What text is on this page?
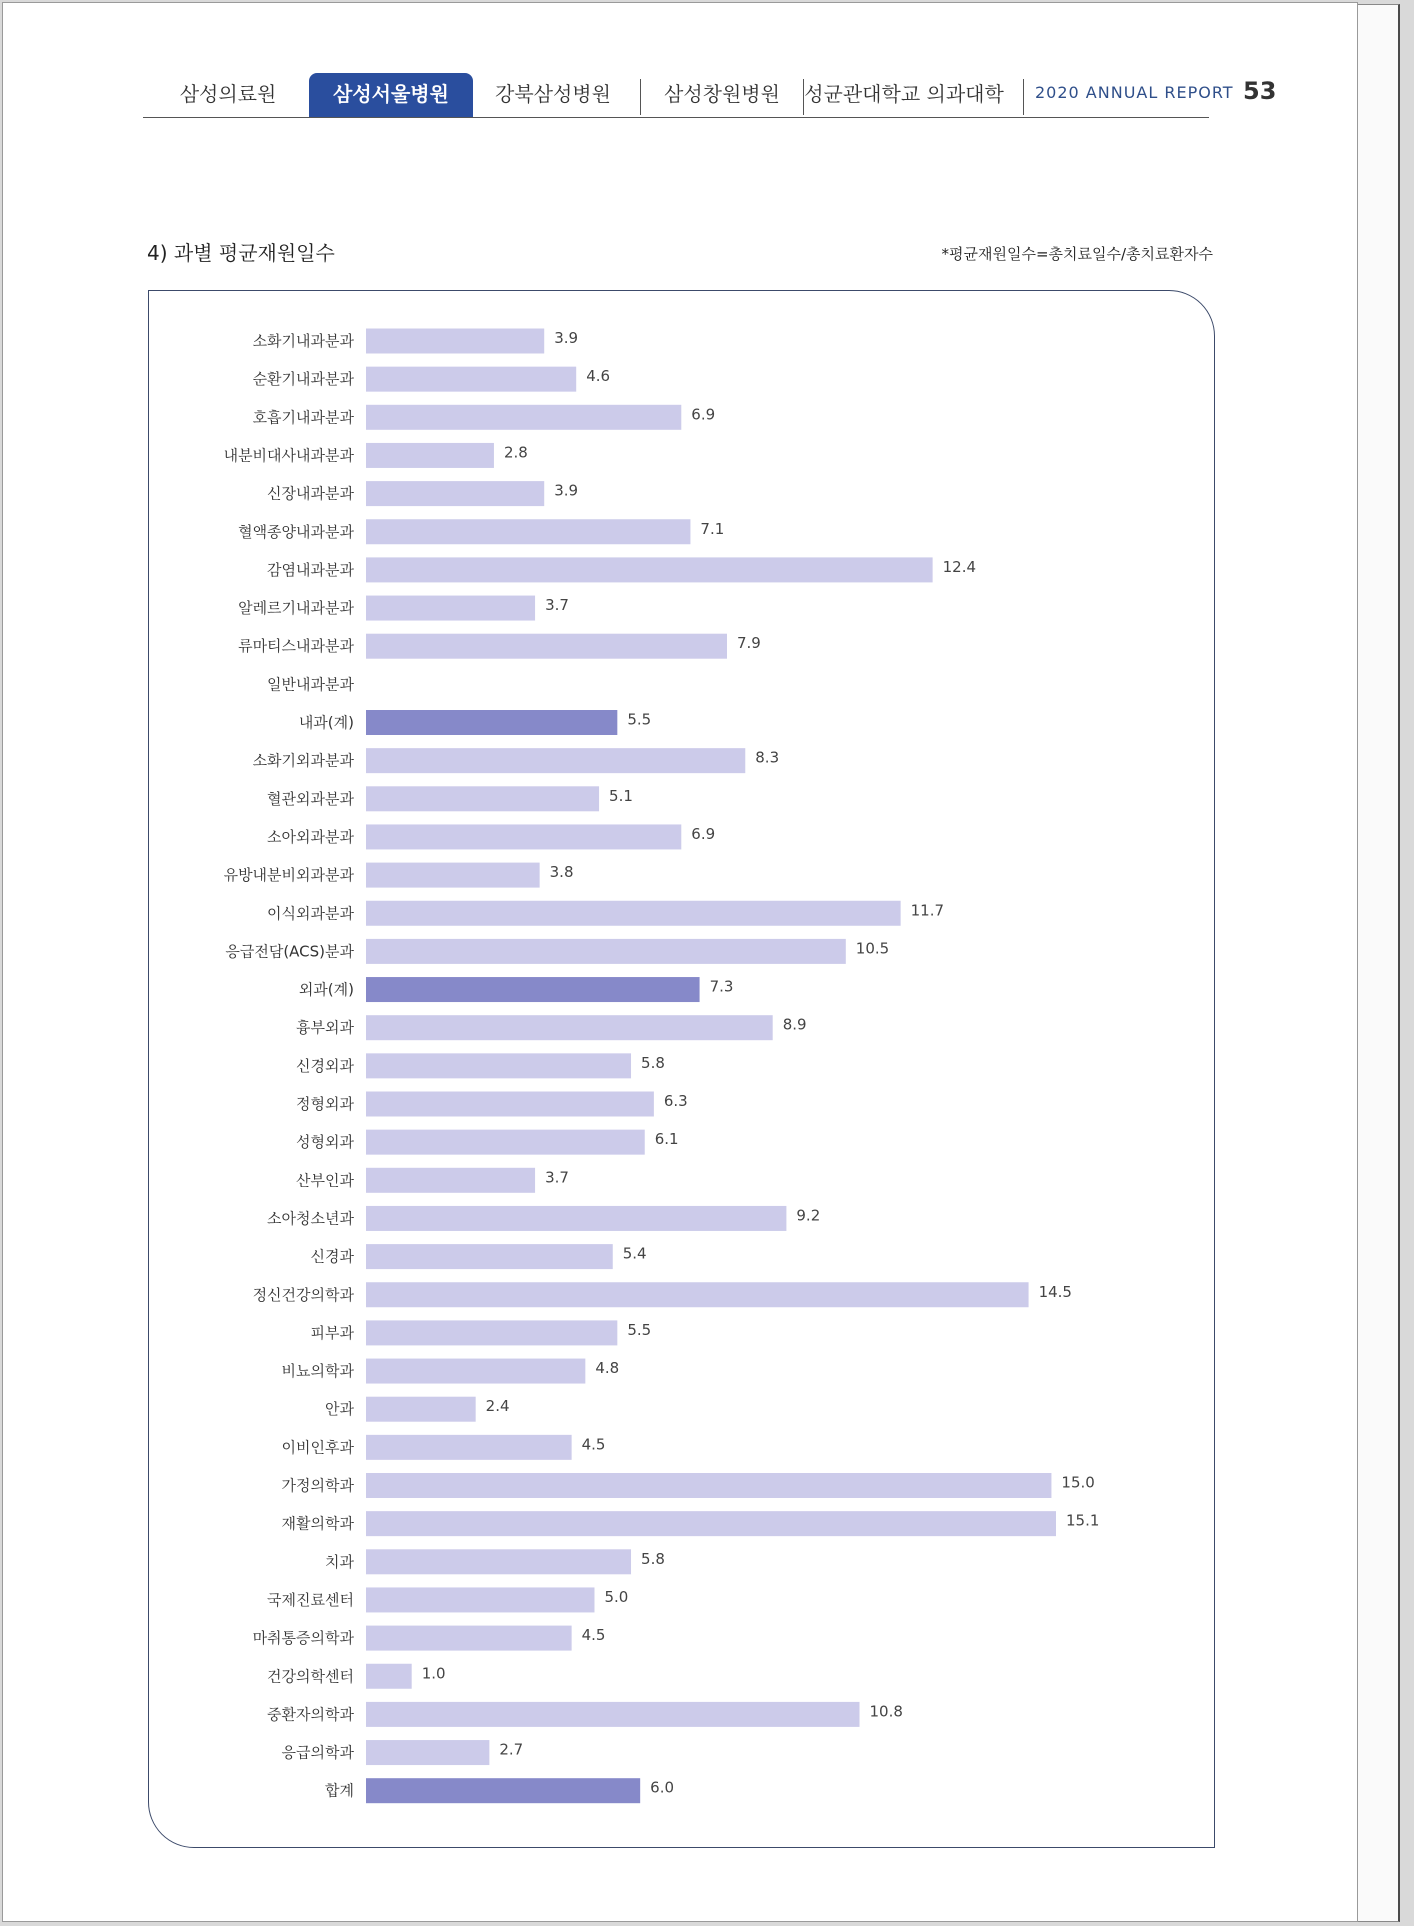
삼성의료원	삼성서울병원	강북삼성병원	삼성창원병원	성균관대학교 의과대학 2020 ANNUAL REPORT 53
4) 과별 평균재원일수	*평균재원일수=총치료일수/총치료환자수
소화기내과분과	3.9
순환기내과분과	4.6
호흡기내과분과	6.9
내분비대사내과분과	2.8
신장내과분과	3.9
혈액종양내과분과	7.1
감염내과분과	12.4
알레르기내과분과	3.7
류마티스내과분과	7.9
일반내과분과
내과(계)	5.5
소화기외과분과	8.3
혈관외과분과	5.1
소아외과분과	6.9
유방내분비외과분과	3.8
이식외과분과	11.7
응급전담(ACS)분과	10.5
외과(계)	7.3
흉부외과	8.9
신경외과	5.8
정형외과	6.3
성형외과	6.1
산부인과	3.7
소아청소년과	9.2
신경과	5.4
정신건강의학과	14.5
피부과	5.5
비뇨의학과	4.8
안과	2.4
이비인후과	4.5
가정의학과	15.0
재활의학과	15.1
치과	5.8
국제진료센터	5.0
마취통증의학과	4.5
건강의학센터	1.0
중환자의학과	10.8
응급의학과	2.7
합계	6.0
